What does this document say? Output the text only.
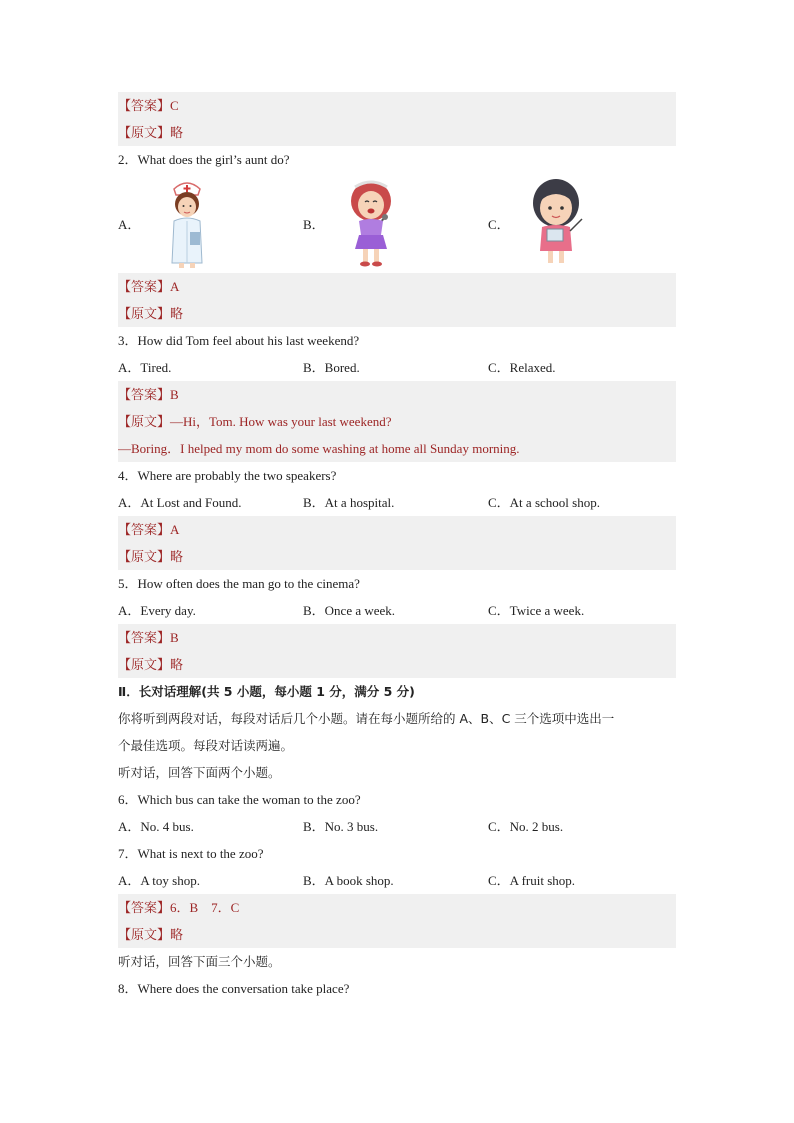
【答案】C
【原文】略
2．What does the girl’s aunt do?
A．	B．	C．
【答案】A
【原文】略
3．How did Tom feel about his last weekend?
A．Tired.	B．Bored.	C．Relaxed.
【答案】B
【原文】—Hi，Tom. How was your last weekend?
—Boring．I helped my mom do some washing at home all Sunday morning.
4．Where are probably the two speakers?
A．At Lost and Found.	B．At a hospital.	C．At a school shop.
【答案】A
【原文】略
5．How often does the man go to the cinema?
A．Every day.	B．Once a week.	C．Twice a week.
【答案】B
【原文】略
Ⅱ．长对话理解(共 5 小题，每小题 1 分，满分 5 分)
你将听到两段对话，每段对话后几个小题。请在每小题所给的 A、B、C 三个选项中选出一
个最佳选项。每段对话读两遍。
听对话，回答下面两个小题。
6．Which bus can take the woman to the zoo?
A．No. 4 bus.	B．No. 3 bus.	C．No. 2 bus.
7．What is next to the zoo?
A．A toy shop.	B．A book shop.	C．A fruit shop.
【答案】6．B　7．C
【原文】略
听对话，回答下面三个小题。
8．Where does the conversation take place?
